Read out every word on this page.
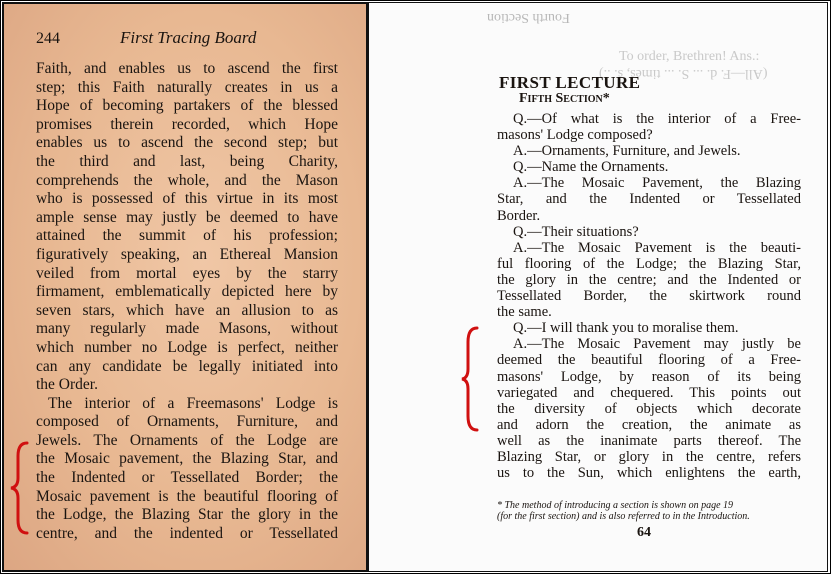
244	First Tracing Board
Faith, and enables us to ascend the first
step; this Faith naturally creates in us a
Hope of becoming partakers of the blessed
promises therein recorded, which Hope
enables us to ascend the second step; but
the third and last, being Charity,
comprehends the whole, and the Mason
who is possessed of this virtue in its most
ample sense may justly be deemed to have
attained the summit of his profession;
figuratively speaking, an Ethereal Mansion
veiled from mortal eyes by the starry
firmament, emblematically depicted here by
seven stars, which have an allusion to as
many regularly made Masons, without
which number no Lodge is perfect, neither
can any candidate be legally initiated into
the Order.
The interior of a Freemasons' Lodge is
composed of Ornaments, Furniture, and
Jewels. The Ornaments of the Lodge are
the Mosaic pavement, the Blazing Star, and
the Indented or Tessellated Border; the
Mosaic pavement is the beautiful flooring of
the Lodge, the Blazing Star the glory in the
centre, and the indented or Tessellated
Fourth Section
To order, Brethren! Ans.:
(All—F. d. ... S. ... times, s. ..)
FIRST LECTURE
Fifth Section*
Q.—Of what is the interior of a Free-
masons' Lodge composed?
A.—Ornaments, Furniture, and Jewels.
Q.—Name the Ornaments.
A.—The Mosaic Pavement, the Blazing
Star, and the Indented or Tessellated
Border.
Q.—Their situations?
A.—The Mosaic Pavement is the beauti-
ful flooring of the Lodge; the Blazing Star,
the glory in the centre; and the Indented or
Tessellated Border, the skirtwork round
the same.
Q.—I will thank you to moralise them.
A.—The Mosaic Pavement may justly be
deemed the beautiful flooring of a Free-
masons' Lodge, by reason of its being
variegated and chequered. This points out
the diversity of objects which decorate
and adorn the creation, the animate as
well as the inanimate parts thereof. The
Blazing Star, or glory in the centre, refers
us to the Sun, which enlightens the earth,
* The method of introducing a section is shown on page 19
(for the first section) and is also referred to in the Introduction.
64
